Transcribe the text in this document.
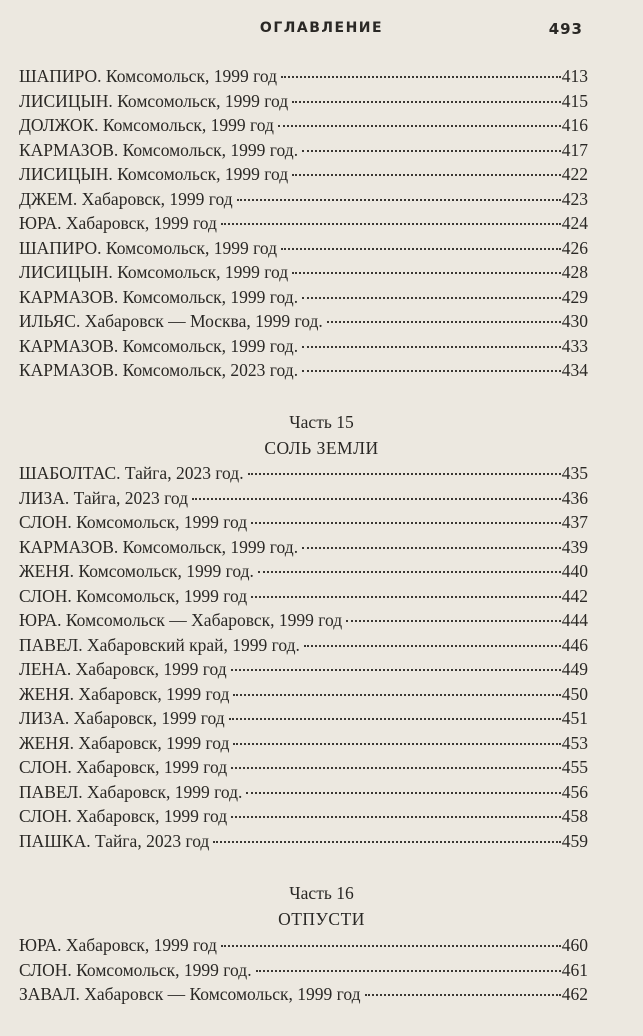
ОГЛАВЛЕНИЕ	493
ШАПИРО. Комсомольск, 1999 год	413
ЛИСИЦЫН. Комсомольск, 1999 год	415
ДОЛЖОК. Комсомольск, 1999 год	416
КАРМАЗОВ. Комсомольск, 1999 год.	417
ЛИСИЦЫН. Комсомольск, 1999 год	422
ДЖЕМ. Хабаровск, 1999 год	423
ЮРА. Хабаровск, 1999 год	424
ШАПИРО. Комсомольск, 1999 год	426
ЛИСИЦЫН. Комсомольск, 1999 год	428
КАРМАЗОВ. Комсомольск, 1999 год.	429
ИЛЬЯС. Хабаровск — Москва, 1999 год.	430
КАРМАЗОВ. Комсомольск, 1999 год.	433
КАРМАЗОВ. Комсомольск, 2023 год.	434
Часть 15
СОЛЬ ЗЕМЛИ
ШАБОЛТАС. Тайга, 2023 год.	435
ЛИЗА. Тайга, 2023 год	436
СЛОН. Комсомольск, 1999 год	437
КАРМАЗОВ. Комсомольск, 1999 год.	439
ЖЕНЯ. Комсомольск, 1999 год.	440
СЛОН. Комсомольск, 1999 год	442
ЮРА. Комсомольск — Хабаровск, 1999 год	444
ПАВЕЛ. Хабаровский край, 1999 год.	446
ЛЕНА. Хабаровск, 1999 год	449
ЖЕНЯ. Хабаровск, 1999 год	450
ЛИЗА. Хабаровск, 1999 год	451
ЖЕНЯ. Хабаровск, 1999 год	453
СЛОН. Хабаровск, 1999 год	455
ПАВЕЛ. Хабаровск, 1999 год.	456
СЛОН. Хабаровск, 1999 год	458
ПАШКА. Тайга, 2023 год	459
Часть 16
ОТПУСТИ
ЮРА. Хабаровск, 1999 год	460
СЛОН. Комсомольск, 1999 год.	461
ЗАВАЛ. Хабаровск — Комсомольск, 1999 год	462
